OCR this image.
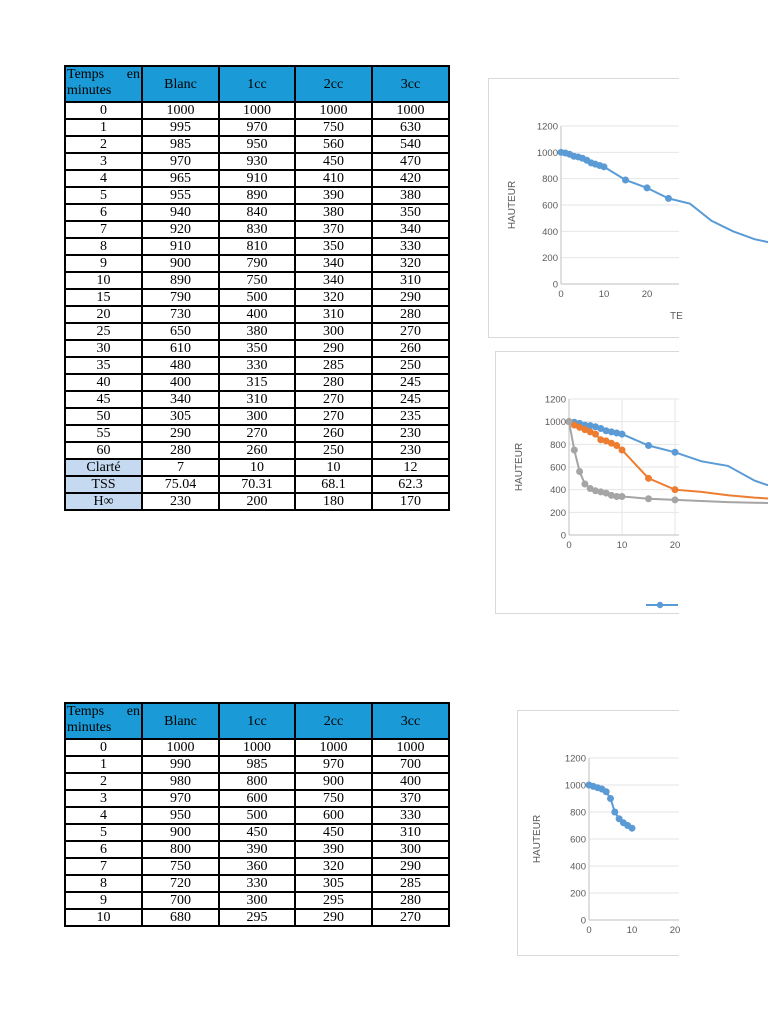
Temps en minutes	Blanc	1cc	2cc	3cc
0	1000	1000	1000	1000
1	995	970	750	630
2	985	950	560	540
3	970	930	450	470
4	965	910	410	420
5	955	890	390	380
6	940	840	380	350
7	920	830	370	340
8	910	810	350	330
9	900	790	340	320
10	890	750	340	310
15	790	500	320	290
20	730	400	310	280
25	650	380	300	270
30	610	350	290	260
35	480	330	285	250
40	400	315	280	245
45	340	310	270	245
50	305	300	270	235
55	290	270	260	230
60	280	260	250	230
Clarté	7	10	10	12
TSS	75.04	70.31	68.1	62.3
H∞	230	200	180	170
Temps en minutes	Blanc	1cc	2cc	3cc
0	1000	1000	1000	1000
1	990	985	970	700
2	980	800	900	400
3	970	600	750	370
4	950	500	600	330
5	900	450	450	310
6	800	390	390	300
7	750	360	320	290
8	720	330	305	285
9	700	300	295	280
10	680	295	290	270
0
200
400
600
800
1000
1200
0	10	20
HAUTEUR
TE
0
200
400
600
800
1000
1200
0	10	20
HAUTEUR
0
200
400
600
800
1000
1200
0	10	20
HAUTEUR
